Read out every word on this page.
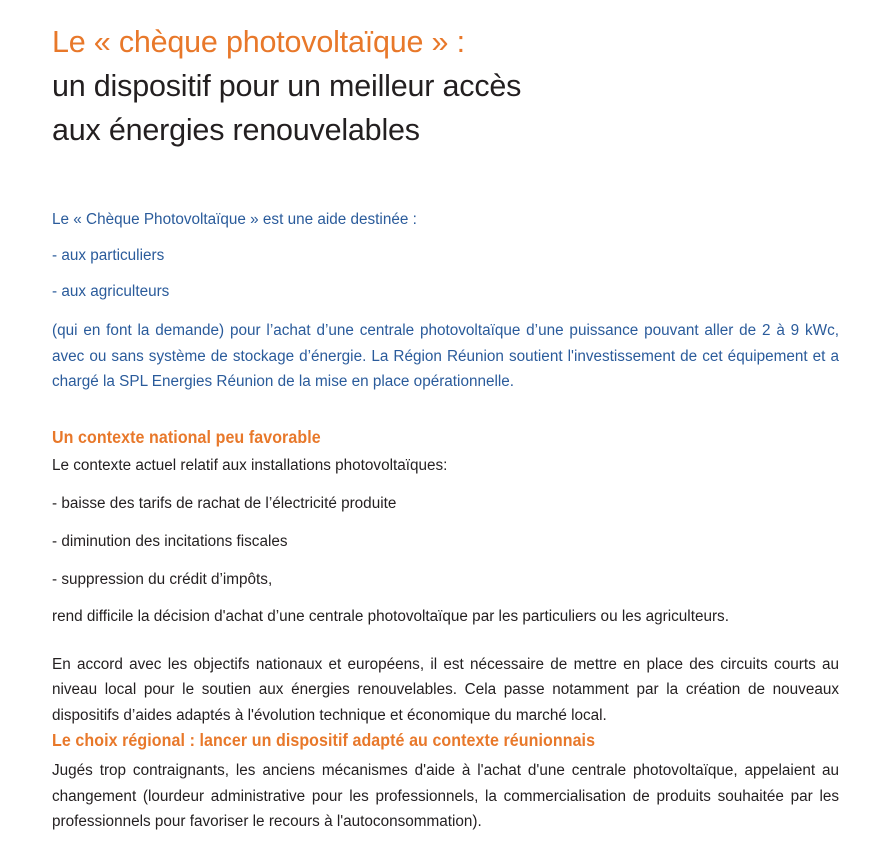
Le « chèque photovoltaïque » :
un dispositif pour un meilleur accès
aux énergies renouvelables
Le « Chèque Photovoltaïque » est une aide destinée :
- aux particuliers
- aux agriculteurs
(qui en font la demande) pour l’achat d’une centrale photovoltaïque d’une puissance pouvant aller de 2 à 9 kWc, avec ou sans système de stockage d’énergie. La Région Réunion soutient l'investissement de cet équipement et a chargé la SPL Energies Réunion de la mise en place opérationnelle.
Un contexte national peu favorable
Le contexte actuel relatif aux installations photovoltaïques:
- baisse des tarifs de rachat de l’électricité produite
- diminution des incitations fiscales
- suppression du crédit d’impôts,
rend difficile la décision d'achat d’une centrale photovoltaïque par les particuliers ou les agriculteurs.
En accord avec les objectifs nationaux et européens, il est nécessaire de mettre en place des circuits courts au niveau local pour le soutien aux énergies renouvelables. Cela passe notamment par la création de nouveaux dispositifs d’aides adaptés à l'évolution technique et économique du marché local.
Le choix régional : lancer un dispositif adapté au contexte réunionnais
Jugés trop contraignants, les anciens mécanismes d'aide à l'achat d'une centrale photovoltaïque, appelaient au changement (lourdeur administrative pour les professionnels, la commercialisation de produits souhaitée par les professionnels pour favoriser le recours à l'autoconsommation).
